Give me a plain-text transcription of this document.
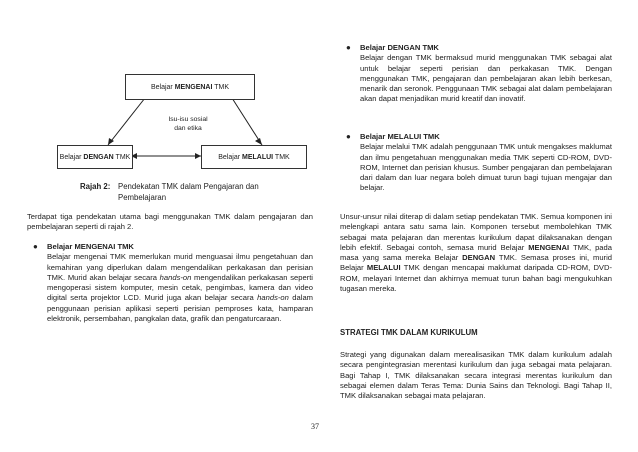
Belajar MENGENAI TMK
Belajar DENGAN TMK	Belajar MELALUI TMK
Isu-isu sosial
dan etika
Rajah 2: Pendekatan TMK dalam Pengajaran dan Pembelajaran
Terdapat tiga pendekatan utama bagi menggunakan TMK dalam pengajaran dan pembelajaran seperti di rajah 2.
● Belajar MENGENAI TMK
Belajar mengenai TMK memerlukan murid menguasai ilmu pengetahuan dan kemahiran yang diperlukan dalam mengendalikan perkakasan dan perisian TMK. Murid akan belajar secara hands-on mengendalikan perkakasan seperti mengoperasi sistem komputer, mesin cetak, pengimbas, kamera dan video digital serta projektor LCD. Murid juga akan belajar secara hands-on dalam penggunaan perisian aplikasi seperti perisian pemproses kata, hamparan elektronik, persembahan, pangkalan data, grafik dan pengaturcaraan.
● Belajar DENGAN TMK
Belajar dengan TMK bermaksud murid menggunakan TMK sebagai alat untuk belajar seperti perisian dan perkakasan TMK. Dengan menggunakan TMK, pengajaran dan pembelajaran akan lebih berkesan, menarik dan seronok. Penggunaan TMK sebagai alat dalam pembelajaran akan dapat menjadikan murid kreatif dan inovatif.
● Belajar MELALUI TMK
Belajar melalui TMK adalah penggunaan TMK untuk mengakses maklumat dan ilmu pengetahuan menggunakan media TMK seperti CD-ROM, DVD-ROM, Internet dan perisian khusus. Sumber pengajaran dan pembelajaran dari dalam dan luar negara boleh dimuat turun bagi tujuan mengajar dan belajar.
Unsur-unsur nilai diterap di dalam setiap pendekatan TMK. Semua komponen ini melengkapi antara satu sama lain. Komponen tersebut membolehkan TMK sebagai mata pelajaran dan merentas kurikulum dapat dilaksanakan dengan lebih efektif. Sebagai contoh, semasa murid Belajar MENGENAI TMK, pada masa yang sama mereka Belajar DENGAN TMK. Semasa proses ini, murid Belajar MELALUI TMK dengan mencapai maklumat daripada CD-ROM, DVD-ROM, melayari Internet dan akhirnya memuat turun bahan bagi mengukuhkan tugasan mereka.
STRATEGI TMK DALAM KURIKULUM
Strategi yang digunakan dalam merealisasikan TMK dalam kurikulum adalah secara pengintegrasian merentasi kurikulum dan juga sebagai mata pelajaran. Bagi Tahap I, TMK dilaksanakan secara integrasi merentas kurikulum dan sebagai elemen dalam Teras Tema: Dunia Sains dan Teknologi. Bagi Tahap II, TMK dilaksanakan sebagai mata pelajaran.
37
